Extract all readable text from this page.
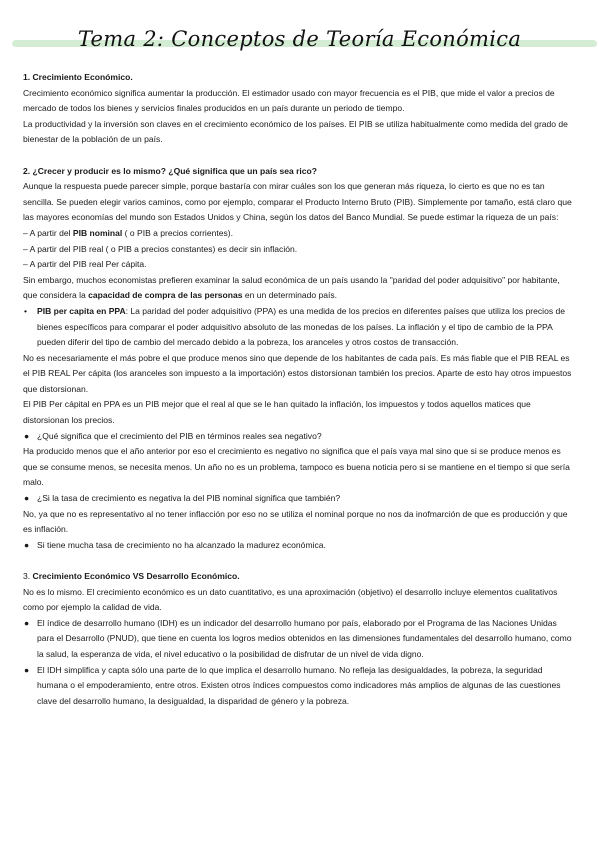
Tema 2: Conceptos de Teoría Económica

1. Crecimiento Económico.

Crecimiento económico significa aumentar la producción. El estimador usado con mayor frecuencia es el PIB, que mide el valor a precios de mercado de todos los bienes y servicios finales producidos en un país durante un periodo de tiempo.

La productividad y la inversión son claves en el crecimiento económico de los países. El PIB se utiliza habitualmente como medida del grado de bienestar de la población de un país.

2. ¿Crecer y producir es lo mismo? ¿Qué significa que un país sea rico?

Aunque la respuesta puede parecer simple, porque bastaría con mirar cuáles son los que generan más riqueza, lo cierto es que no es tan sencilla. Se pueden elegir varios caminos, como por ejemplo, comparar el Producto Interno Bruto (PIB). Simplemente por tamaño, está claro que las mayores economías del mundo son Estados Unidos y China, según los datos del Banco Mundial. Se puede estimar la riqueza de un país:

– A partir del PIB nominal ( o PIB a precios corrientes).

– A partir del PIB real ( o PIB a precios constantes) es decir sin inflación.

– A partir del PIB real Per cápita.

Sin embargo, muchos economistas prefieren examinar la salud económica de un país usando la "paridad del poder adquisitivo" por habitante, que considera la capacidad de compra de las personas en un determinado país.

• PIB per capita en PPA: La paridad del poder adquisitivo (PPA) es una medida de los precios en diferentes países que utiliza los precios de bienes específicos para comparar el poder adquisitivo absoluto de las monedas de los países. La inflación y el tipo de cambio de la PPA pueden diferir del tipo de cambio del mercado debido a la pobreza, los aranceles y otros costos de transacción.

No es necesariamente el más pobre el que produce menos sino que depende de los habitantes de cada país. Es más fiable que el PIB REAL es el PIB REAL Per cápita (los aranceles son impuesto a la importación) estos distorsionan también los precios. Aparte de esto hay otros impuestos que distorsionan.

El PIB Per cápital en PPA es un PIB mejor que el real al que se le han quitado la inflación, los impuestos y todos aquellos matices que distorsionan los precios.

● ¿Qué significa que el crecimiento del PIB en términos reales sea negativo?

Ha producido menos que el año anterior por eso el crecimiento es negativo no significa que el país vaya mal sino que si se produce menos es que se consume menos, se necesita menos. Un año no es un problema, tampoco es buena noticia pero si se mantiene en el tiempo si que sería malo.

● ¿Si la tasa de crecimiento es negativa la del PIB nominal significa que también?

No, ya que no es representativo al no tener inflacción por eso no se utiliza el nominal porque no nos da inofmarción de que es producción y que es inflación.

● Si tiene mucha tasa de crecimiento no ha alcanzado la madurez económica.

3. Crecimiento Económico VS Desarrollo Económico.

No es lo mismo. El crecimiento económico es un dato cuantitativo, es una aproximación (objetivo) el desarrollo incluye elementos cualitativos como por ejemplo la calidad de vida.

● El índice de desarrollo humano (IDH) es un indicador del desarrollo humano por país, elaborado por el Programa de las Naciones Unidas para el Desarrollo (PNUD), que tiene en cuenta los logros medios obtenidos en las dimensiones fundamentales del desarrollo humano, como la salud, la esperanza de vida, el nivel educativo o la posibilidad de disfrutar de un nivel de vida digno.

● El IDH simplifica y capta sólo una parte de lo que implica el desarrollo humano. No refleja las desigualdades, la pobreza, la seguridad humana o el empoderamiento, entre otros. Existen otros índices compuestos como indicadores más amplios de algunas de las cuestiones clave del desarrollo humano, la desigualdad, la disparidad de género y la pobreza.
